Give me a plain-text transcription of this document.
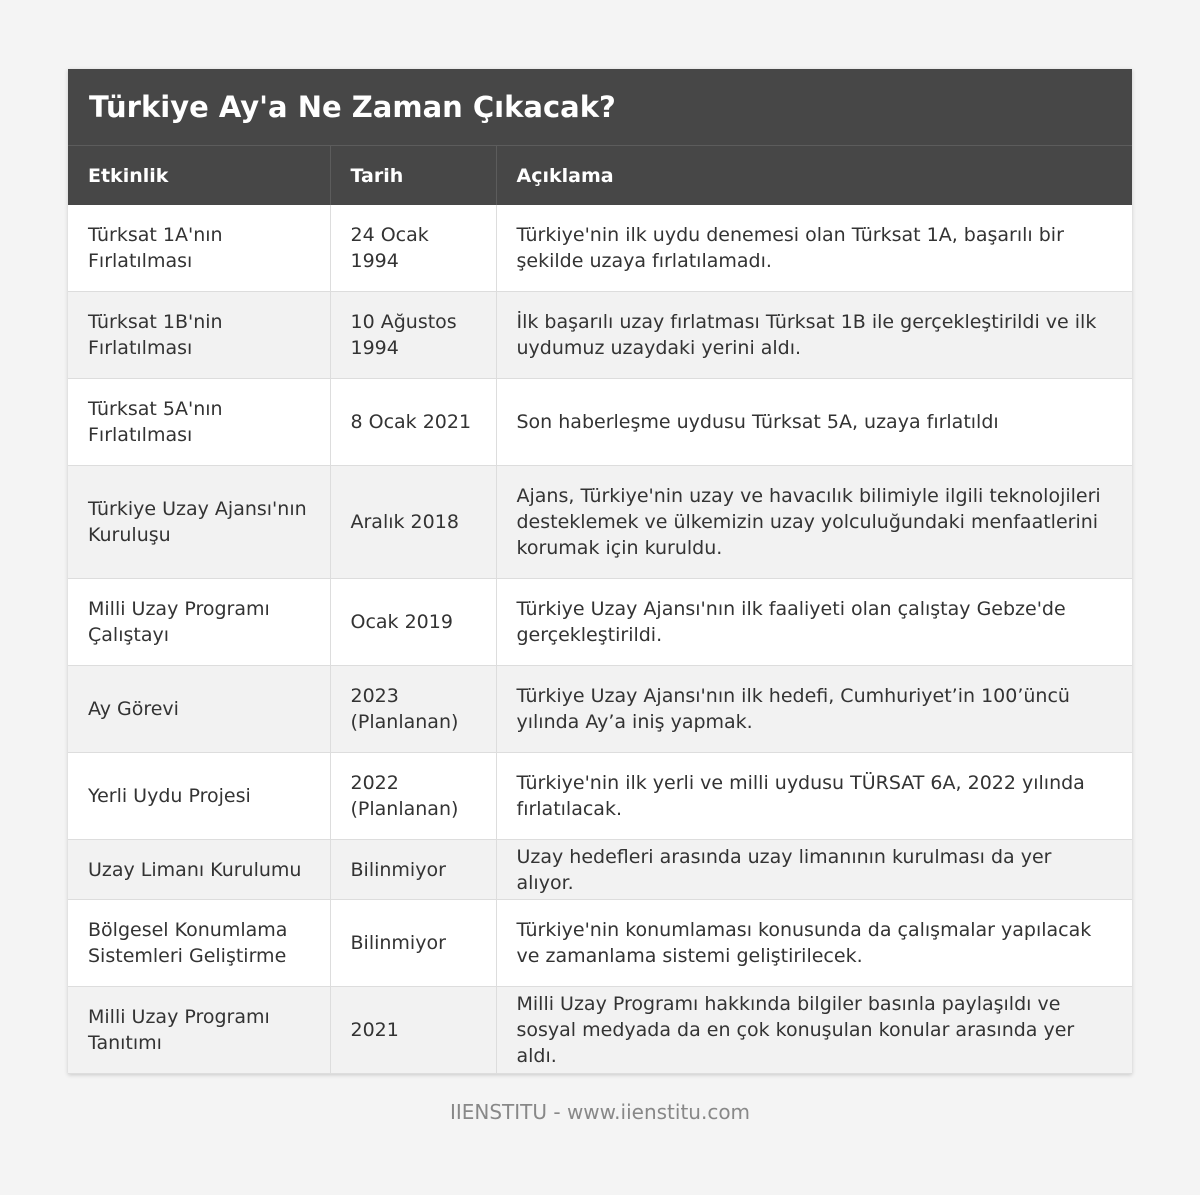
Türkiye Ay'a Ne Zaman Çıkacak?
Etkinlik	Tarih	Açıklama
Türksat 1A'nın Fırlatılması	24 Ocak 1994	Türkiye'nin ilk uydu denemesi olan Türksat 1A, başarılı bir şekilde uzaya fırlatılamadı.
Türksat 1B'nin Fırlatılması	10 Ağustos 1994	İlk başarılı uzay fırlatması Türksat 1B ile gerçekleştirildi ve ilk uydumuz uzaydaki yerini aldı.
Türksat 5A'nın Fırlatılması	8 Ocak 2021	Son haberleşme uydusu Türksat 5A, uzaya fırlatıldı
Türkiye Uzay Ajansı'nın Kuruluşu	Aralık 2018	Ajans, Türkiye'nin uzay ve havacılık bilimiyle ilgili teknolojileri desteklemek ve ülkemizin uzay yolculuğundaki menfaatlerini korumak için kuruldu.
Milli Uzay Programı Çalıştayı	Ocak 2019	Türkiye Uzay Ajansı'nın ilk faaliyeti olan çalıştay Gebze'de gerçekleştirildi.
Ay Görevi	2023 (Planlanan)	Türkiye Uzay Ajansı'nın ilk hedefi, Cumhuriyet’in 100’üncü yılında Ay’a iniş yapmak.
Yerli Uydu Projesi	2022 (Planlanan)	Türkiye'nin ilk yerli ve milli uydusu TÜRSAT 6A, 2022 yılında fırlatılacak.
Uzay Limanı Kurulumu	Bilinmiyor	Uzay hedefleri arasında uzay limanının kurulması da yer alıyor.
Bölgesel Konumlama Sistemleri Geliştirme	Bilinmiyor	Türkiye'nin konumlaması konusunda da çalışmalar yapılacak ve zamanlama sistemi geliştirilecek.
Milli Uzay Programı Tanıtımı	2021	Milli Uzay Programı hakkında bilgiler basınla paylaşıldı ve sosyal medyada da en çok konuşulan konular arasında yer aldı.
IIENSTITU - www.iienstitu.com
